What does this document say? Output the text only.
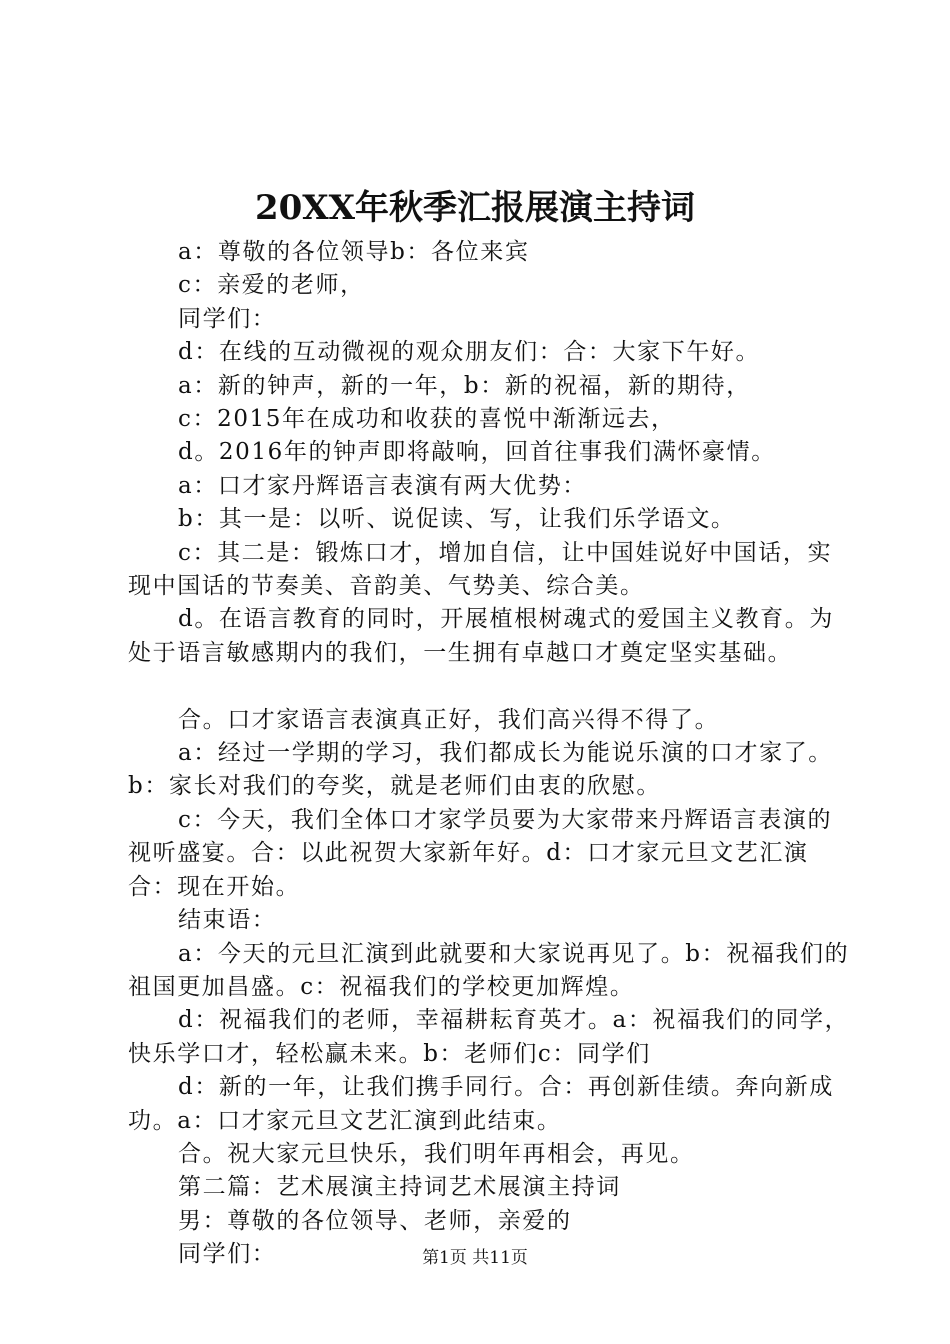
20XX年秋季汇报展演主持词

a：尊敬的各位领导b：各位来宾

c：亲爱的老师，

同学们：

d：在线的互动微视的观众朋友们：合：大家下午好。

a：新的钟声，新的一年，b：新的祝福，新的期待，

c：2015年在成功和收获的喜悦中渐渐远去，

d。2016年的钟声即将敲响，回首往事我们满怀豪情。

a：口才家丹辉语言表演有两大优势：

b：其一是：以听、说促读、写，让我们乐学语文。

c：其二是：锻炼口才，增加自信，让中国娃说好中国话，实现中国话的节奏美、音韵美、气势美、综合美。

d。在语言教育的同时，开展植根树魂式的爱国主义教育。为处于语言敏感期内的我们，一生拥有卓越口才奠定坚实基础。

合。口才家语言表演真正好，我们高兴得不得了。

a：经过一学期的学习，我们都成长为能说乐演的口才家了。b：家长对我们的夸奖，就是老师们由衷的欣慰。

c：今天，我们全体口才家学员要为大家带来丹辉语言表演的视听盛宴。合：以此祝贺大家新年好。d：口才家元旦文艺汇演合：现在开始。

结束语：

a：今天的元旦汇演到此就要和大家说再见了。b：祝福我们的祖国更加昌盛。c：祝福我们的学校更加辉煌。

d：祝福我们的老师，幸福耕耘育英才。a：祝福我们的同学，快乐学口才，轻松赢未来。b：老师们c：同学们

d：新的一年，让我们携手同行。合：再创新佳绩。奔向新成功。a：口才家元旦文艺汇演到此结束。

合。祝大家元旦快乐，我们明年再相会，再见。

第二篇：艺术展演主持词艺术展演主持词

男：尊敬的各位领导、老师，亲爱的

同学们：	第1页 共11页
